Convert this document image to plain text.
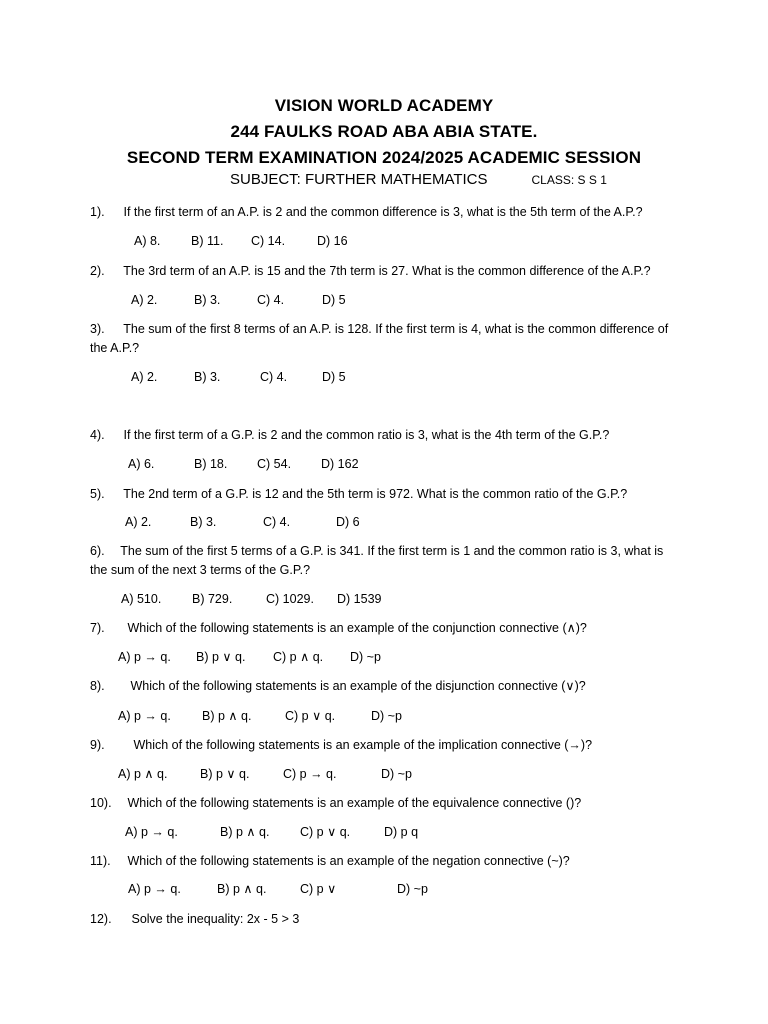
VISION WORLD ACADEMY
244 FAULKS ROAD ABA ABIA STATE.
SECOND TERM EXAMINATION 2024/2025 ACADEMIC SESSION
SUBJECT: FURTHER MATHEMATICS	CLASS: S S 1
1). If the first term of an A.P. is 2 and the common difference is 3, what is the 5th term of the A.P.?
A) 8. B) 11. C) 14.	D) 16
2). The 3rd term of an A.P. is 15 and the 7th term is 27. What is the common difference of the A.P.?
A) 2.	B) 3.	C) 4.	D) 5
3). The sum of the first 8 terms of an A.P. is 128. If the first term is 4, what is the common difference of the A.P.?
A) 2.	B) 3.	C) 4.	D) 5
4). If the first term of a G.P. is 2 and the common ratio is 3, what is the 4th term of the G.P.?
A) 6.	B) 18. C) 54. D) 162
5). The 2nd term of a G.P. is 12 and the 5th term is 972. What is the common ratio of the G.P.?
A) 2.	B) 3.	C) 4.	D) 6
6). The sum of the first 5 terms of a G.P. is 341. If the first term is 1 and the common ratio is 3, what is the sum of the next 3 terms of the G.P.?
A) 510. B) 729.	C) 1029. D) 1539
7). Which of the following statements is an example of the conjunction connective (∧)?
A) p → q. B) p ∨ q. C) p ∧ q. D) ~p
8). Which of the following statements is an example of the disjunction connective (∨)?
A) p → q. B) p ∧ q.	C) p ∨ q.	D) ~p
9). Which of the following statements is an example of the implication connective (→)?
A) p ∧ q.	B) p ∨ q.	C) p → q.	D) ~p
10). Which of the following statements is an example of the equivalence connective ()?
A) p → q.	B) p ∧ q. C) p ∨ q.	D) p q
11). Which of the following statements is an example of the negation connective (~)?
A) p → q.	B) p ∧ q.	C) p ∨	D) ~p
12). Solve the inequality: 2x - 5 > 3
